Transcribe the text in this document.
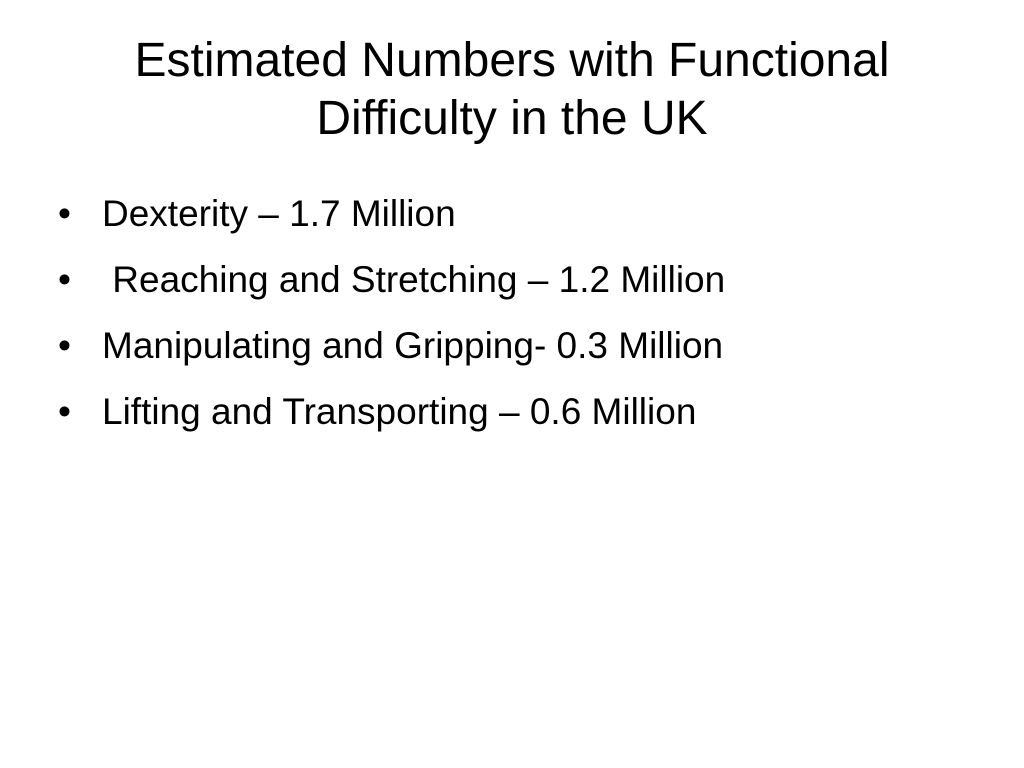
Estimated Numbers with Functional
Difficulty in the UK
• Dexterity – 1.7 Million
• Reaching and Stretching – 1.2 Million
• Manipulating and Gripping- 0.3 Million
• Lifting and Transporting – 0.6 Million
